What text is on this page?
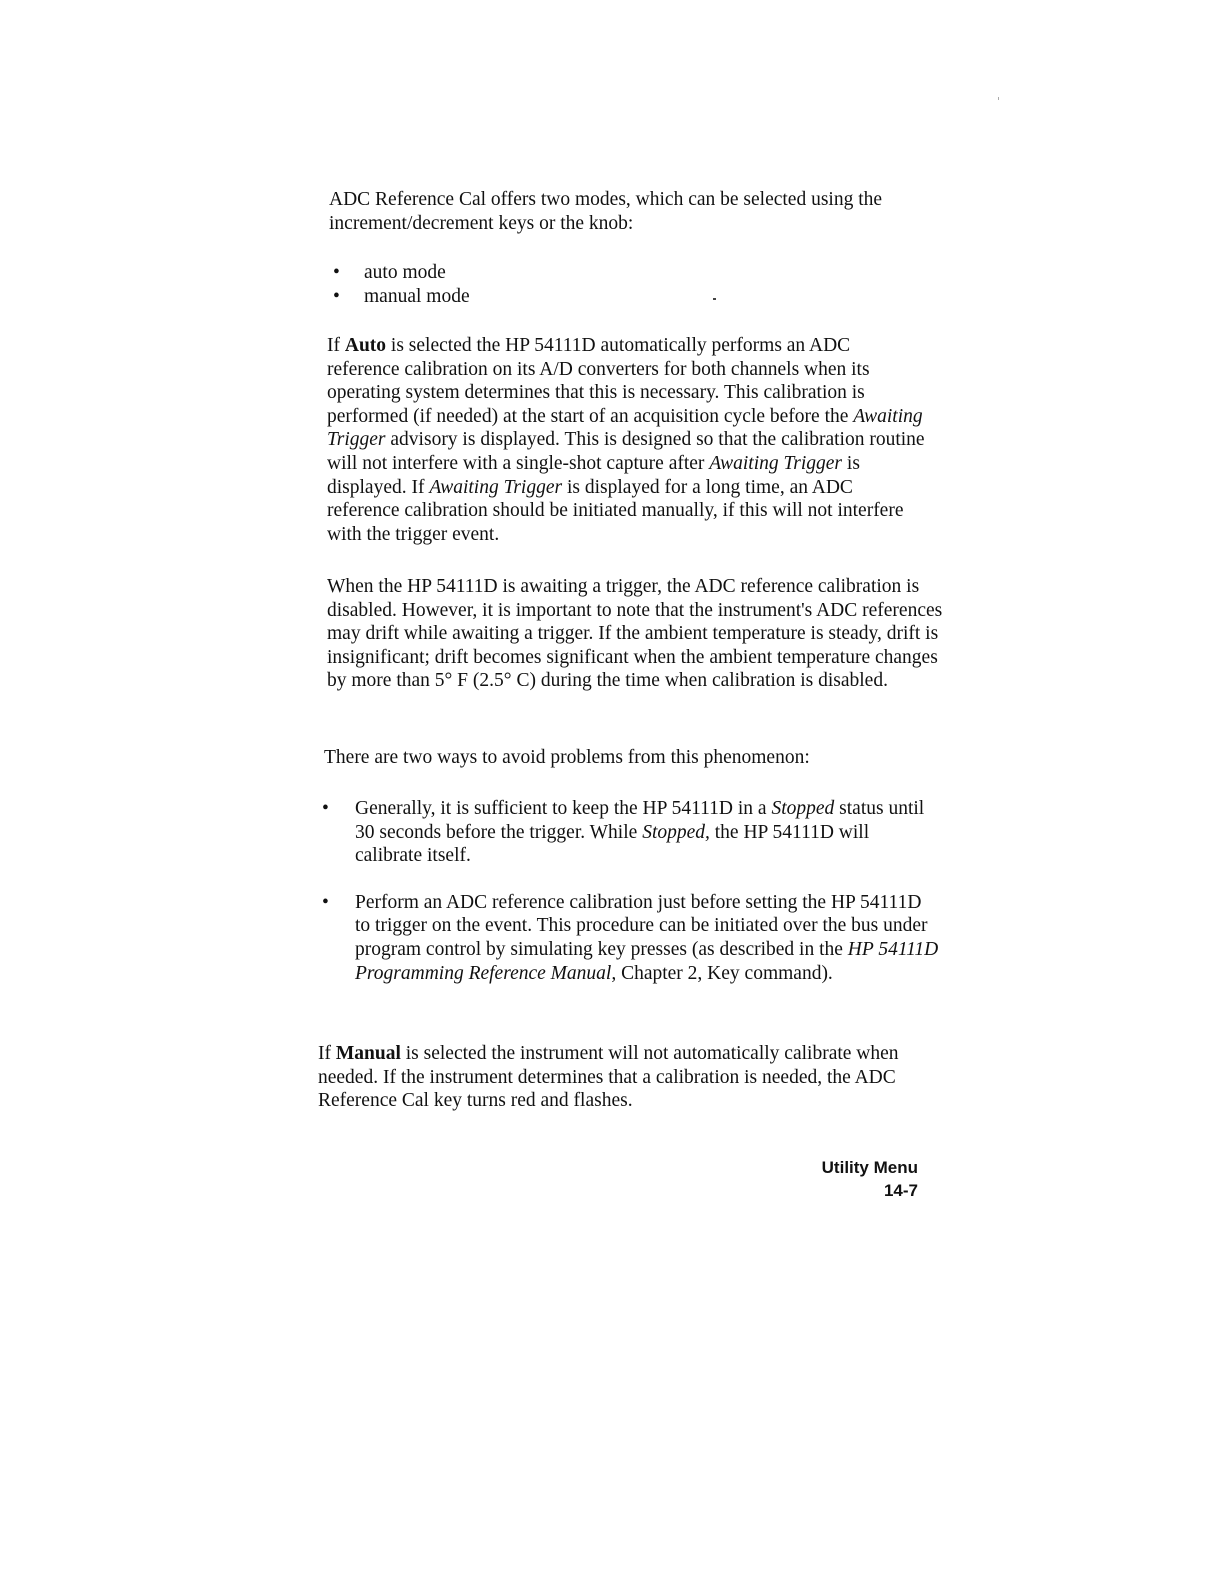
ADC Reference Cal offers two modes, which can be selected using the increment/decrement keys or the knob:

• auto mode
• manual mode

If Auto is selected the HP 54111D automatically performs an ADC reference calibration on its A/D converters for both channels when its operating system determines that this is necessary. This calibration is performed (if needed) at the start of an acquisition cycle before the Awaiting Trigger advisory is displayed. This is designed so that the calibration routine will not interfere with a single-shot capture after Awaiting Trigger is displayed. If Awaiting Trigger is displayed for a long time, an ADC reference calibration should be initiated manually, if this will not interfere with the trigger event.

When the HP 54111D is awaiting a trigger, the ADC reference calibration is disabled. However, it is important to note that the instrument's ADC references may drift while awaiting a trigger. If the ambient temperature is steady, drift is insignificant; drift becomes significant when the ambient temperature changes by more than 5° F (2.5° C) during the time when calibration is disabled.

There are two ways to avoid problems from this phenomenon:

• Generally, it is sufficient to keep the HP 54111D in a Stopped status until 30 seconds before the trigger. While Stopped, the HP 54111D will calibrate itself.
• Perform an ADC reference calibration just before setting the HP 54111D to trigger on the event. This procedure can be initiated over the bus under program control by simulating key presses (as described in the HP 54111D Programming Reference Manual, Chapter 2, Key command).

If Manual is selected the instrument will not automatically calibrate when needed. If the instrument determines that a calibration is needed, the ADC Reference Cal key turns red and flashes.

Utility Menu
14-7
